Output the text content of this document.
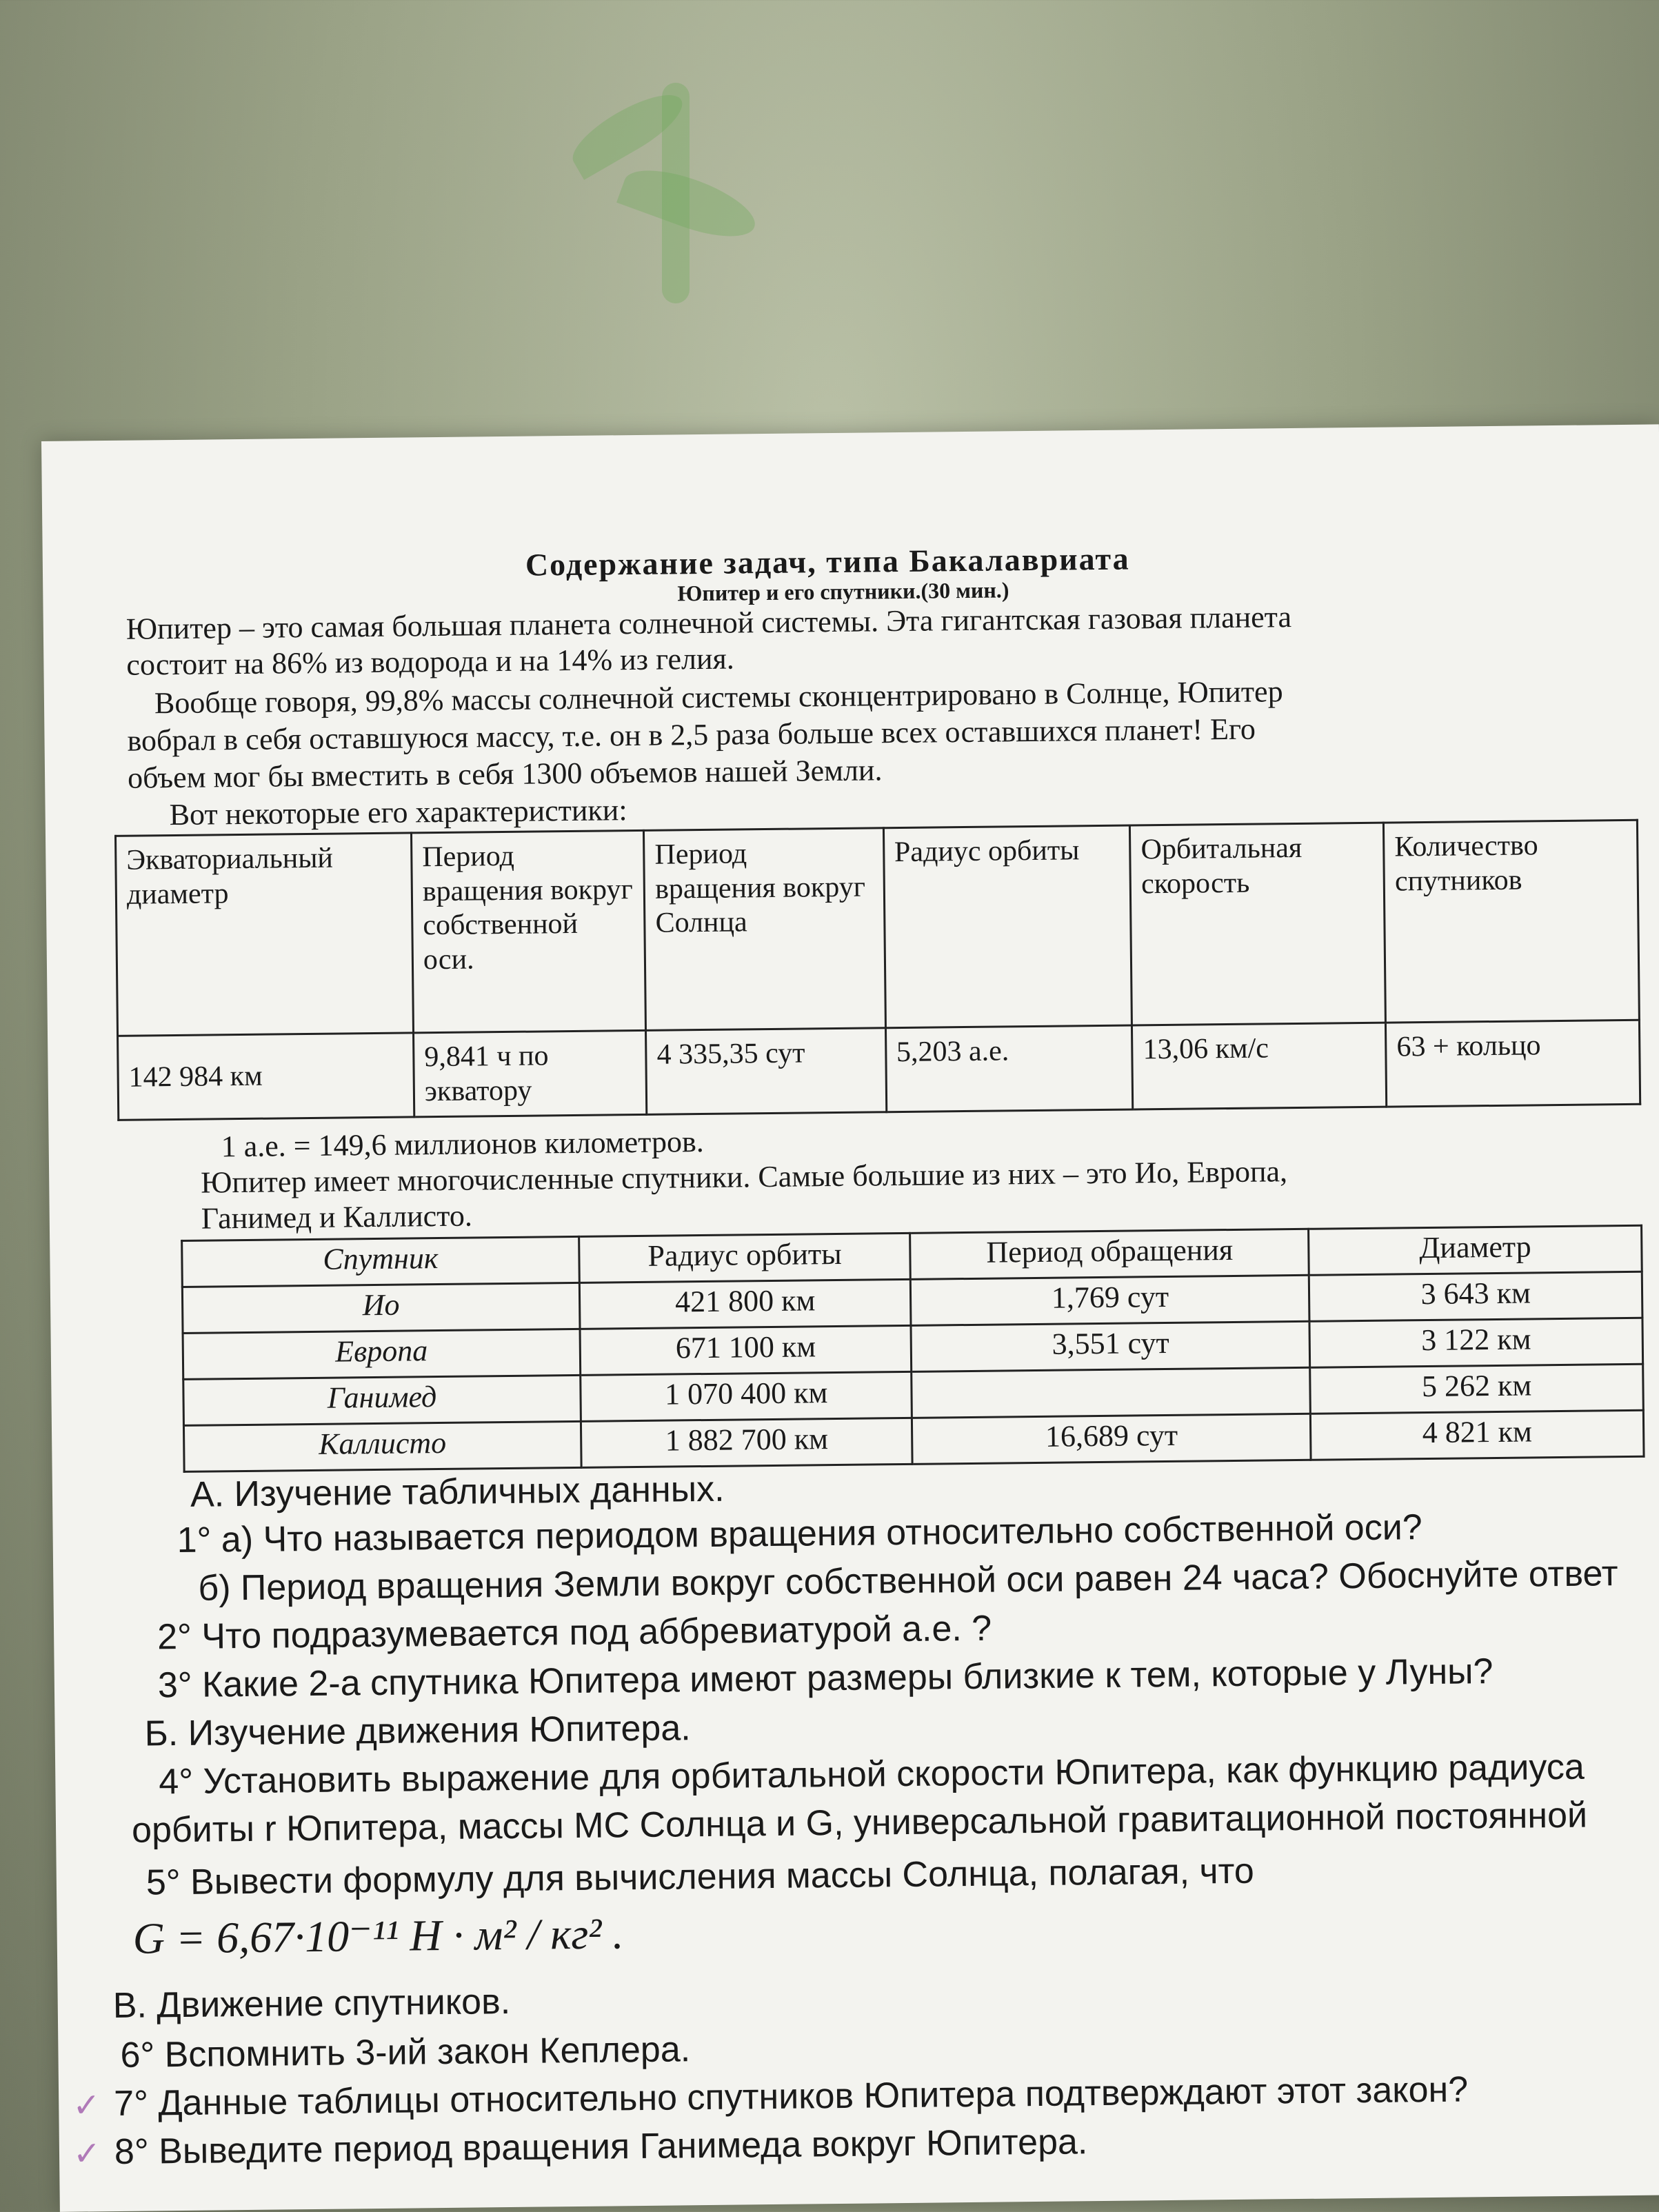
Содержание задач, типа Бакалавриата
Юпитер и его спутники.(30 мин.)
Юпитер – это самая большая планета солнечной системы. Эта гигантская газовая планета
состоит на 86% из водорода и на 14% из гелия.
Вообще говоря, 99,8% массы солнечной системы сконцентрировано в Солнце, Юпитер
вобрал в себя оставшуюся массу, т.е. он в 2,5 раза больше всех оставшихся планет! Его
объем мог бы вместить в себя 1300 объемов нашей Земли.
Вот некоторые его характеристики:
Экваториальный диаметр	Период вращения вокруг собственной оси.	Период вращения вокруг Солнца	Радиус орбиты	Орбитальная скорость	Количество спутников
142 984 км	9,841 ч по экватору	4 335,35 сут	5,203 а.е.	13,06 км/с	63 + кольцо
1 а.е. = 149,6 миллионов километров.
Юпитер имеет многочисленные спутники. Самые большие из них – это Ио, Европа,
Ганимед и Каллисто.
Спутник	Радиус орбиты	Период обращения	Диаметр
Ио	421 800 км	1,769 сут	3 643 км
Европа	671 100 км	3,551 сут	3 122 км
Ганимед	1 070 400 км		5 262 км
Каллисто	1 882 700 км	16,689 сут	4 821 км
А. Изучение табличных данных.
1° а) Что называется периодом вращения относительно собственной оси?
б) Период вращения Земли вокруг собственной оси равен 24 часа? Обоснуйте ответ
2° Что подразумевается под аббревиатурой а.е. ?
3° Какие 2-а спутника Юпитера имеют размеры близкие к тем, которые у Луны?
Б. Изучение движения Юпитера.
4° Установить выражение для орбитальной скорости Юпитера, как функцию радиуса
орбиты r Юпитера, массы MC Солнца и G, универсальной гравитационной постоянной
5° Вывести формулу для вычисления массы Солнца, полагая, что
G = 6,67·10⁻¹¹ Н · м² / кг² .
В. Движение спутников.
6° Вспомнить 3-ий закон Кеплера.
✓ 7° Данные таблицы относительно спутников Юпитера подтверждают этот закон?
✓ 8° Выведите период вращения Ганимеда вокруг Юпитера.
